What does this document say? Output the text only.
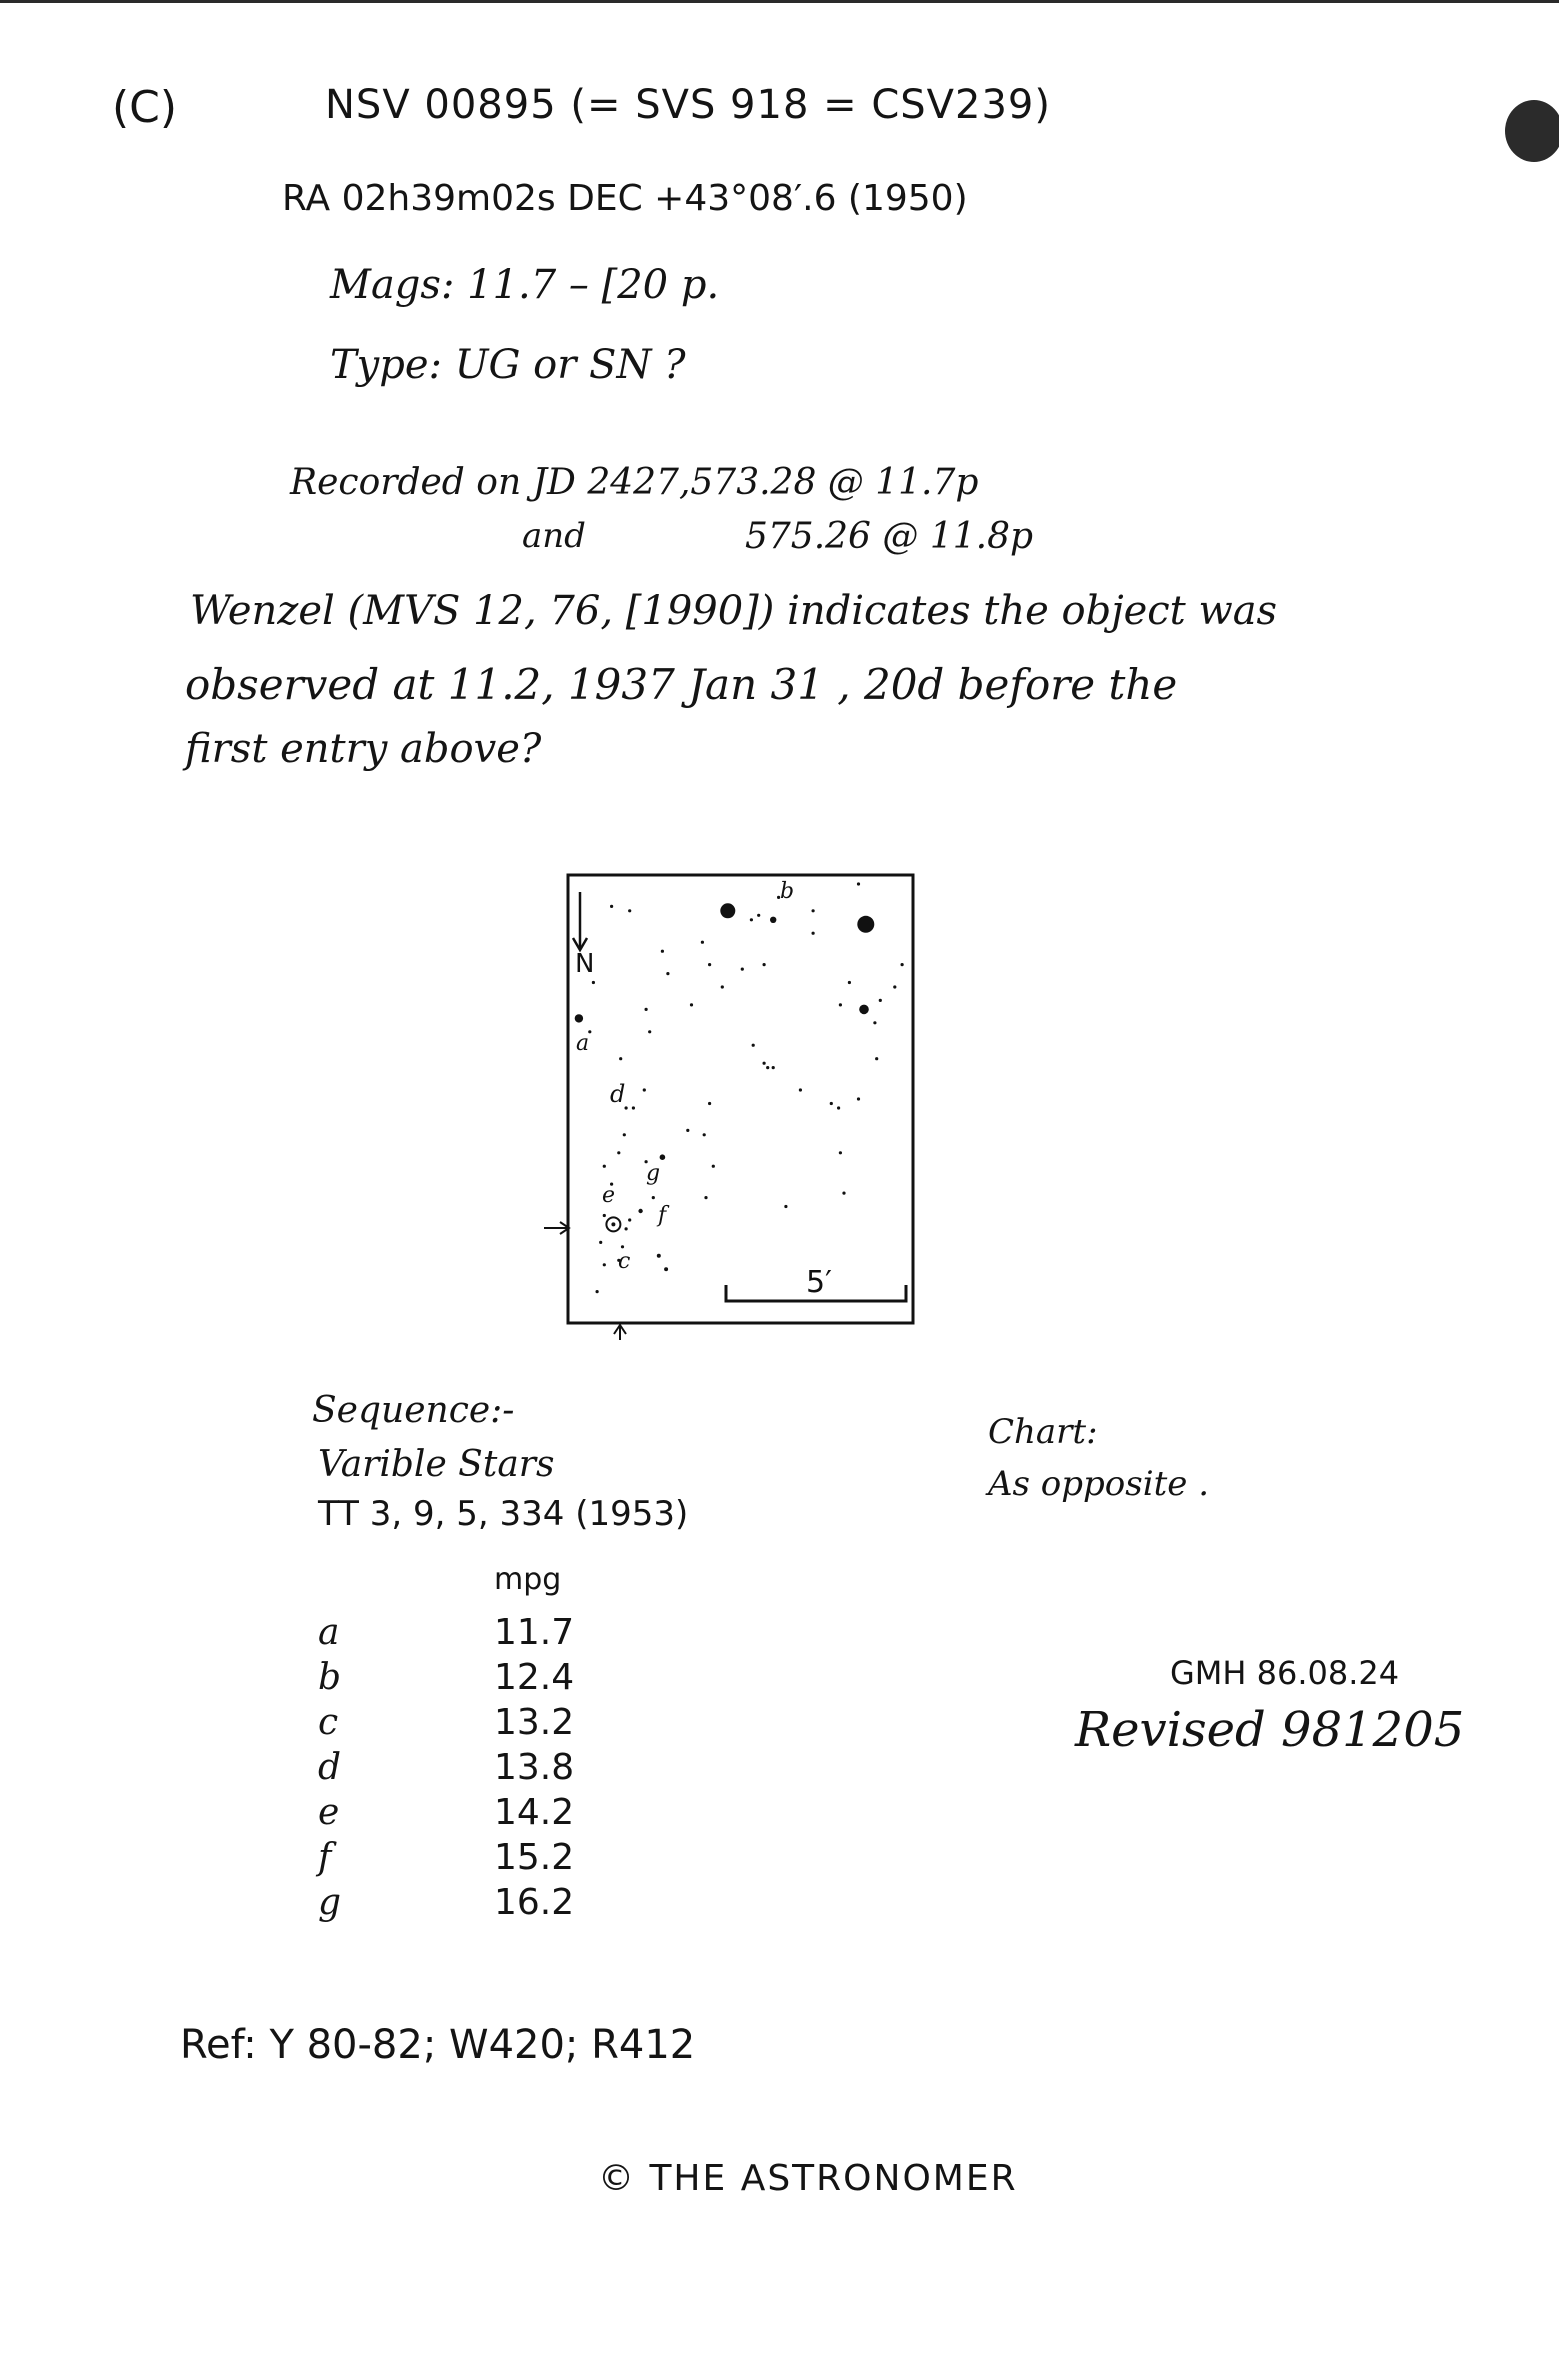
(C)	NSV 00895 (= SVS 918 = CSV239)
RA 02h39m02s DEC +43°08′.6 (1950)
Mags: 11.7 – [20 p.
Type: UG or SN ?
Recorded on JD 2427,573.28 @ 11.7p
and	575.26 @ 11.8p
Wenzel (MVS 12, 76, [1990]) indicates the object was
observed at 11.2, 1937 Jan 31 , 20d before the
first entry above?
N
a
b
c
d
e
f
g
5′
Sequence:-
Varible Stars
TT 3, 9, 5, 334 (1953)
mpg
a	11.7
b	12.4
c	13.2
d	13.8
e	14.2
f	15.2
g	16.2
Chart:
As opposite .
GMH 86.08.24
Revised 981205
Ref: Y 80-82; W420; R412
© THE ASTRONOMER
